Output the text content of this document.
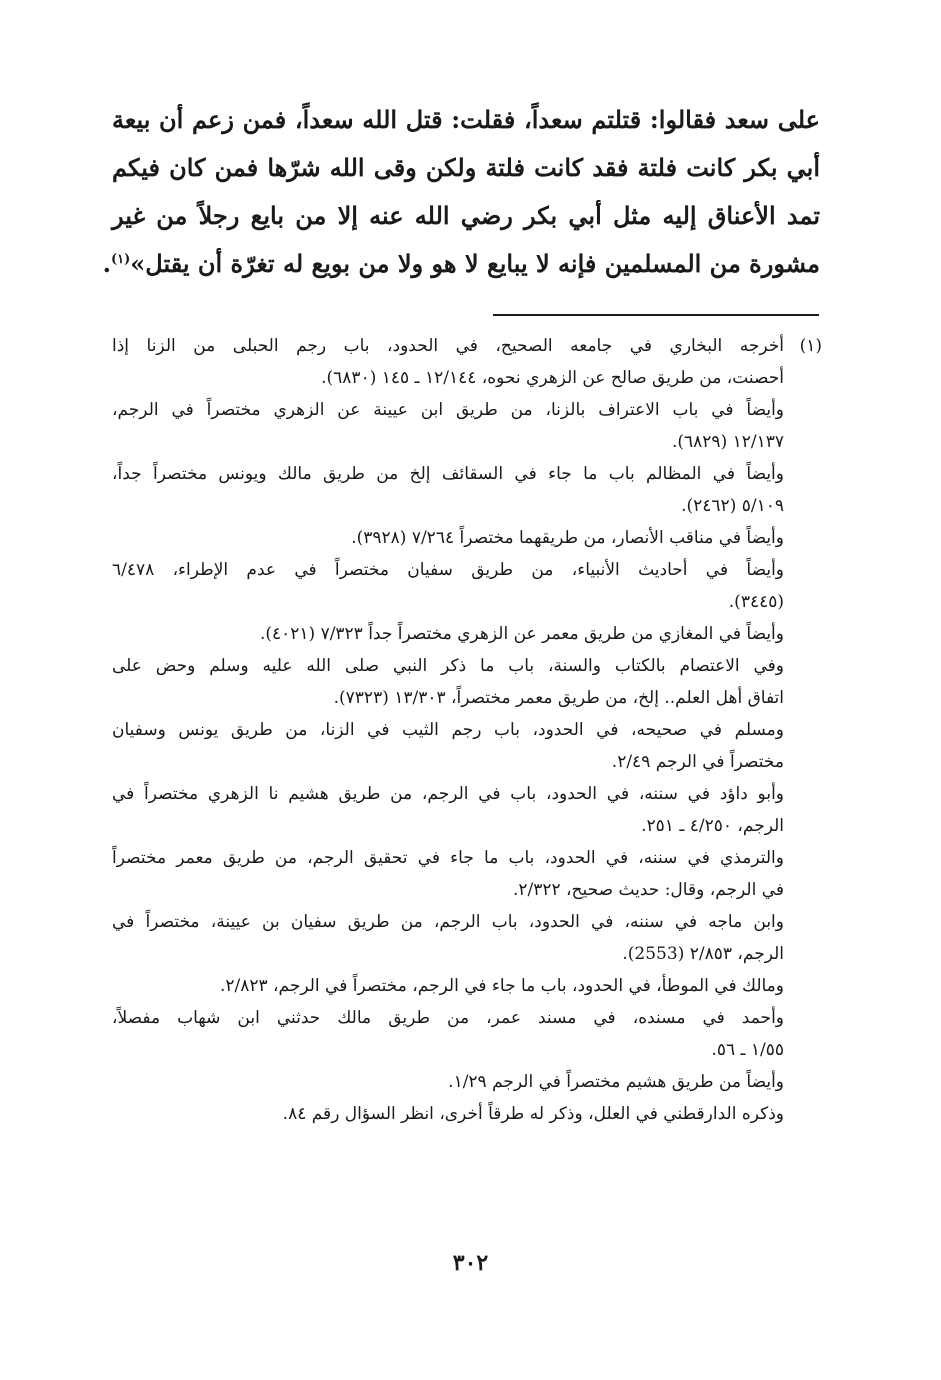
على سعد فقالوا: قتلتم سعداً، فقلت: قتل الله سعداً، فمن زعم أن بيعة
أبي بكر كانت فلتة فقد كانت فلتة ولكن وقى الله شرّها فمن كان فيكم
تمد الأعناق إليه مثل أبي بكر رضي الله عنه إلا من بايع رجلاً من غير
مشورة من المسلمين فإنه لا يبايع لا هو ولا من بويع له تغرّة أن يقتل»$^{(١)}$.
(١)أخرجه البخاري في جامعه الصحيح، في الحدود، باب رجم الحبلى من الزنا إذا
أحصنت، من طريق صالح عن الزهري نحوه، ١٢/١٤٤ ـ ١٤٥ (٦٨٣٠).
وأيضاً في باب الاعتراف بالزنا، من طريق ابن عيينة عن الزهري مختصراً في الرجم،
١٢/١٣٧ (٦٨٢٩).
وأيضاً في المظالم باب ما جاء في السقائف إلخ من طريق مالك ويونس مختصراً جداً،
٥/١٠٩ (٢٤٦٢).
وأيضاً في مناقب الأنصار، من طريقهما مختصراً ٧/٢٦٤ (٣٩٢٨).
وأيضاً في أحاديث الأنبياء، من طريق سفيان مختصراً في عدم الإطراء، ٦/٤٧٨
(٣٤٤٥).
وأيضاً في المغازي من طريق معمر عن الزهري مختصراً جداً ٧/٣٢٣ (٤٠٢١).
وفي الاعتصام بالكتاب والسنة، باب ما ذكر النبي صلى الله عليه وسلم وحض على
اتفاق أهل العلم.. إلخ، من طريق معمر مختصراً، ١٣/٣٠٣ (٧٣٢٣).
ومسلم في صحيحه، في الحدود، باب رجم الثيب في الزنا، من طريق يونس وسفيان
مختصراً في الرجم ٢/٤٩.
وأبو داؤد في سننه، في الحدود، باب في الرجم، من طريق هشيم نا الزهري مختصراً في
الرجم، ٤/٢٥٠ ـ ٢٥١.
والترمذي في سننه، في الحدود، باب ما جاء في تحقيق الرجم، من طريق معمر مختصراً
في الرجم، وقال: حديث صحيح، ٢/٣٢٢.
وابن ماجه في سننه، في الحدود، باب الرجم، من طريق سفيان بن عيينة، مختصراً في
الرجم، ٢/٨٥٣ (2553).
ومالك في الموطأ، في الحدود، باب ما جاء في الرجم، مختصراً في الرجم، ٢/٨٢٣.
وأحمد في مسنده، في مسند عمر، من طريق مالك حدثني ابن شهاب مفصلاً،
١/٥٥ ـ ٥٦.
وأيضاً من طريق هشيم مختصراً في الرجم ١/٢٩.
وذكره الدارقطني في العلل، وذكر له طرقاً أخرى، انظر السؤال رقم ٨٤.
٣٠٢
